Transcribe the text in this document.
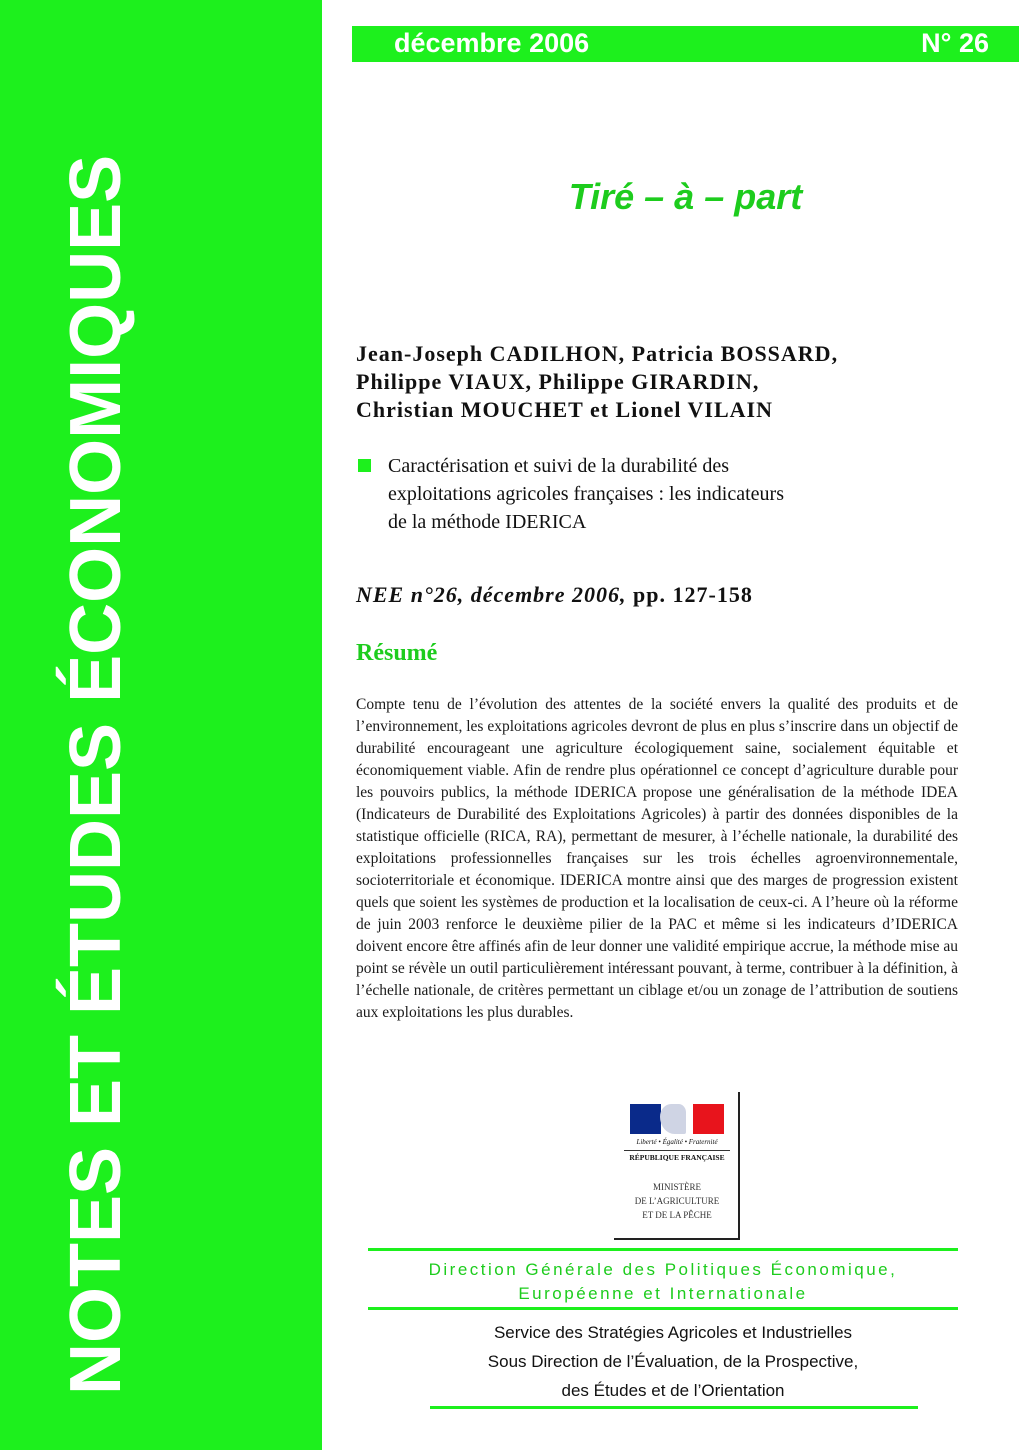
NOTES ET ÉTUDES ÉCONOMIQUES
décembre 2006	N° 26
Tiré – à – part
Jean-Joseph CADILHON, Patricia BOSSARD,
Philippe VIAUX, Philippe GIRARDIN,
Christian MOUCHET et Lionel VILAIN
Caractérisation et suivi de la durabilité des
exploitations agricoles françaises : les indicateurs
de la méthode IDERICA
NEE n°26, décembre 2006, pp. 127-158
Résumé
Compte tenu de l’évolution des attentes de la société envers la qualité des produits et de l’environnement, les exploitations agricoles devront de plus en plus s’inscrire dans un objectif de durabilité encourageant une agriculture écologiquement saine, socialement équitable et économiquement viable. Afin de rendre plus opérationnel ce concept d’agriculture durable pour les pouvoirs publics, la méthode IDERICA propose une généralisation de la méthode IDEA (Indicateurs de Durabilité des Exploitations Agricoles) à partir des données disponibles de la statistique officielle (RICA, RA), permettant de mesurer, à l’échelle nationale, la durabilité des exploitations professionnelles françaises sur les trois échelles agroenvironnementale, socioterritoriale et économique. IDERICA montre ainsi que des marges de progression existent quels que soient les systèmes de production et la localisation de ceux-ci. A l’heure où la réforme de juin 2003 renforce le deuxième pilier de la PAC et même si les indicateurs d’IDERICA doivent encore être affinés afin de leur donner une validité empirique accrue, la méthode mise au point se révèle un outil particulièrement intéressant pouvant, à terme, contribuer à la définition, à l’échelle nationale, de critères permettant un ciblage et/ou un zonage de l’attribution de soutiens aux exploitations les plus durables.
Liberté • Égalité • Fraternité
RÉPUBLIQUE FRANÇAISE
MINISTÈRE
DE L’AGRICULTURE
ET DE LA PÊCHE
Direction Générale des Politiques Économique,
Européenne et Internationale
Service des Stratégies Agricoles et Industrielles
Sous Direction de l’Évaluation, de la Prospective,
des Études et de l’Orientation
